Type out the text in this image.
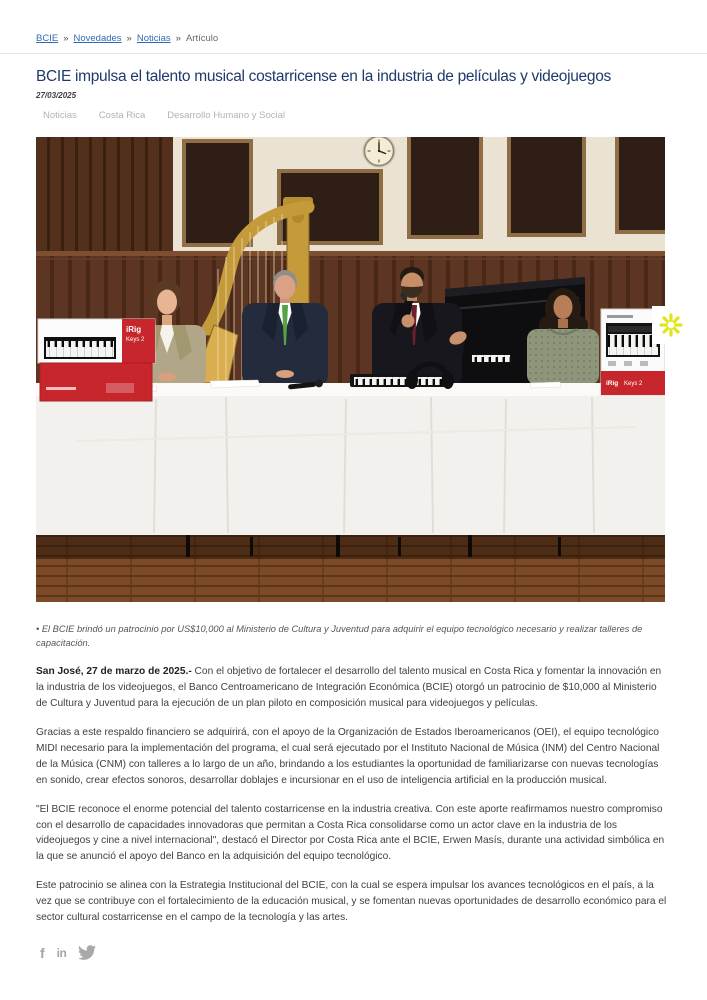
BCIE » Novedades » Noticias » Artículo
BCIE impulsa el talento musical costarricense en la industria de películas y videojuegos
27/03/2025
Noticias Costa Rica Desarrollo Humano y Social
iRig
Keys 2
iRig Keys 2
• El BCIE brindó un patrocinio por US$10,000 al Ministerio de Cultura y Juventud para adquirir el equipo tecnológico necesario y realizar talleres de capacitación.

San José, 27 de marzo de 2025.- Con el objetivo de fortalecer el desarrollo del talento musical en Costa Rica y fomentar la innovación en la industria de los videojuegos, el Banco Centroamericano de Integración Económica (BCIE) otorgó un patrocinio de $10,000 al Ministerio de Cultura y Juventud para la ejecución de un plan piloto en composición musical para videojuegos y películas.

Gracias a este respaldo financiero se adquirirá, con el apoyo de la Organización de Estados Iberoamericanos (OEI), el equipo tecnológico MIDI necesario para la implementación del programa, el cual será ejecutado por el Instituto Nacional de Música (INM) del Centro Nacional de la Música (CNM) con talleres a lo largo de un año, brindando a los estudiantes la oportunidad de familiarizarse con nuevas tecnologías en sonido, crear efectos sonoros, desarrollar doblajes e incursionar en el uso de inteligencia artificial en la producción musical.

"El BCIE reconoce el enorme potencial del talento costarricense en la industria creativa. Con este aporte reafirmamos nuestro compromiso con el desarrollo de capacidades innovadoras que permitan a Costa Rica consolidarse como un actor clave en la industria de los videojuegos y cine a nivel internacional", destacó el Director por Costa Rica ante el BCIE, Erwen Masís, durante una actividad simbólica en la que se anunció el apoyo del Banco en la adquisición del equipo tecnológico.

Este patrocinio se alinea con la Estrategia Institucional del BCIE, con la cual se espera impulsar los avances tecnológicos en el país, a la vez que se contribuye con el fortalecimiento de la educación musical, y se fomentan nuevas oportunidades de desarrollo económico para el sector cultural costarricense en el campo de la tecnología y las artes.

f in
